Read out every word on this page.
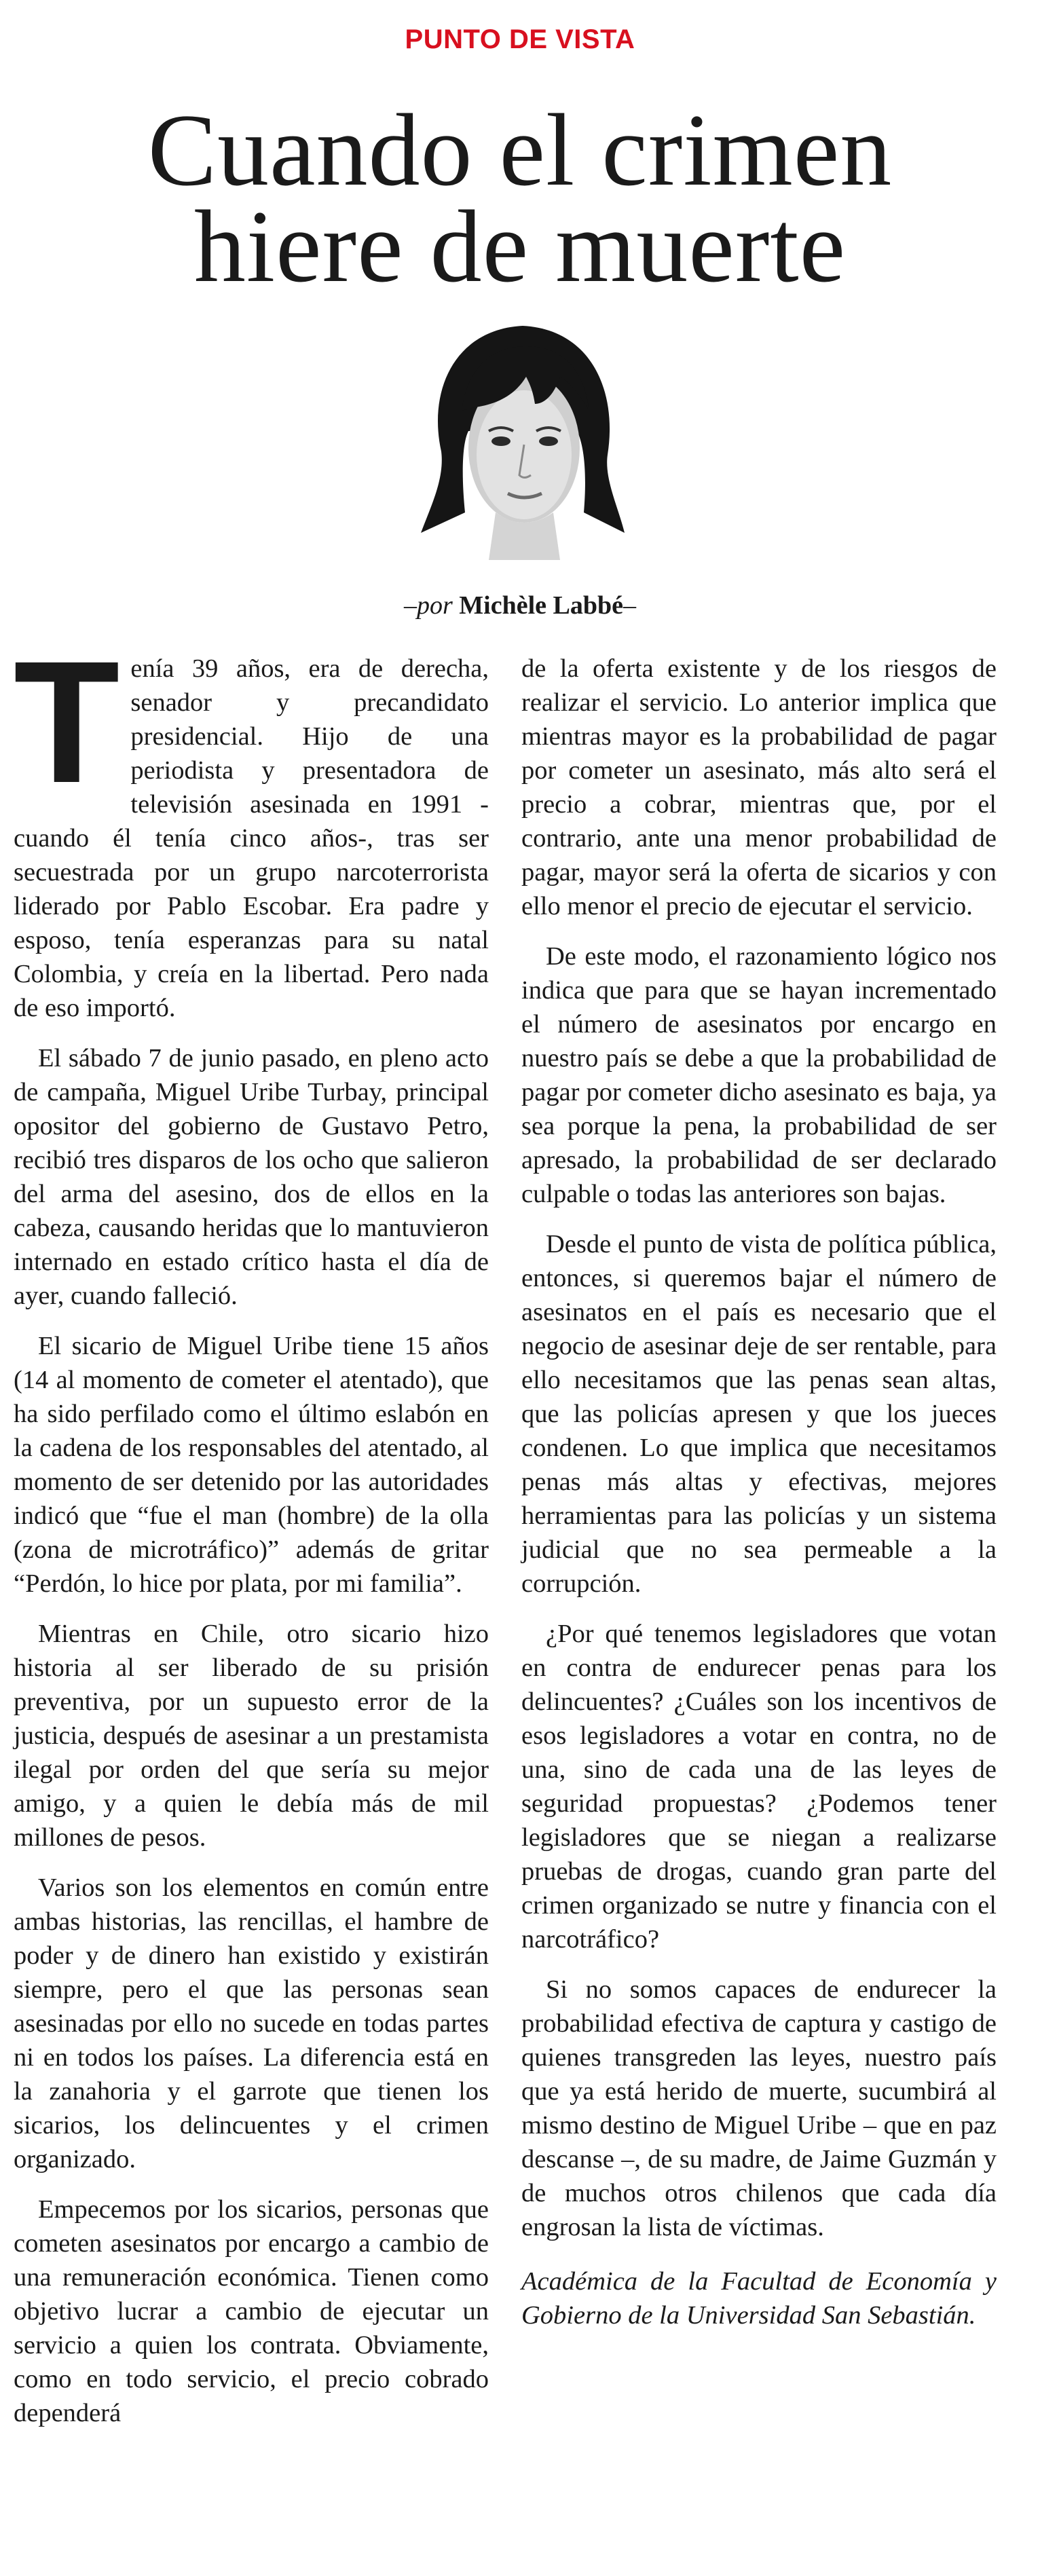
PUNTO DE VISTA
Cuando el crimen
hiere de muerte
–por Michèle Labbé–

Tenía 39 años, era de derecha, senador y precandidato presidencial. Hijo de una periodista y presentadora de televisión asesinada en 1991 -cuando él tenía cinco años-, tras ser secuestrada por un grupo narcoterrorista liderado por Pablo Escobar. Era padre y esposo, tenía esperanzas para su natal Colombia, y creía en la libertad. Pero nada de eso importó.

El sábado 7 de junio pasado, en pleno acto de campaña, Miguel Uribe Turbay, principal opositor del gobierno de Gustavo Petro, recibió tres disparos de los ocho que salieron del arma del asesino, dos de ellos en la cabeza, causando heridas que lo mantuvieron internado en estado crítico hasta el día de ayer, cuando falleció.

El sicario de Miguel Uribe tiene 15 años (14 al momento de cometer el atentado), que ha sido perfilado como el último eslabón en la cadena de los responsables del atentado, al momento de ser detenido por las autoridades indicó que “fue el man (hombre) de la olla (zona de microtráfico)” además de gritar “Perdón, lo hice por plata, por mi familia”.

Mientras en Chile, otro sicario hizo historia al ser liberado de su prisión preventiva, por un supuesto error de la justicia, después de asesinar a un prestamista ilegal por orden del que sería su mejor amigo, y a quien le debía más de mil millones de pesos.

Varios son los elementos en común entre ambas historias, las rencillas, el hambre de poder y de dinero han existido y existirán siempre, pero el que las personas sean asesinadas por ello no sucede en todas partes ni en todos los países. La diferencia está en la zanahoria y el garrote que tienen los sicarios, los delincuentes y el crimen organizado.

Empecemos por los sicarios, personas que cometen asesinatos por encargo a cambio de una remuneración económica. Tienen como objetivo lucrar a cambio de ejecutar un servicio a quien los contrata. Obviamente, como en todo servicio, el precio cobrado dependerá

de la oferta existente y de los riesgos de realizar el servicio. Lo anterior implica que mientras mayor es la probabilidad de pagar por cometer un asesinato, más alto será el precio a cobrar, mientras que, por el contrario, ante una menor probabilidad de pagar, mayor será la oferta de sicarios y con ello menor el precio de ejecutar el servicio.

De este modo, el razonamiento lógico nos indica que para que se hayan incrementado el número de asesinatos por encargo en nuestro país se debe a que la probabilidad de pagar por cometer dicho asesinato es baja, ya sea porque la pena, la probabilidad de ser apresado, la probabilidad de ser declarado culpable o todas las anteriores son bajas.

Desde el punto de vista de política pública, entonces, si queremos bajar el número de asesinatos en el país es necesario que el negocio de asesinar deje de ser rentable, para ello necesitamos que las penas sean altas, que las policías apresen y que los jueces condenen. Lo que implica que necesitamos penas más altas y efectivas, mejores herramientas para las policías y un sistema judicial que no sea permeable a la corrupción.

¿Por qué tenemos legisladores que votan en contra de endurecer penas para los delincuentes? ¿Cuáles son los incentivos de esos legisladores a votar en contra, no de una, sino de cada una de las leyes de seguridad propuestas? ¿Podemos tener legisladores que se niegan a realizarse pruebas de drogas, cuando gran parte del crimen organizado se nutre y financia con el narcotráfico?

Si no somos capaces de endurecer la probabilidad efectiva de captura y castigo de quienes transgreden las leyes, nuestro país que ya está herido de muerte, sucumbirá al mismo destino de Miguel Uribe – que en paz descanse –, de su madre, de Jaime Guzmán y de muchos otros chilenos que cada día engrosan la lista de víctimas.

Académica de la Facultad de Economía y Gobierno de la Universidad San Sebastián.
